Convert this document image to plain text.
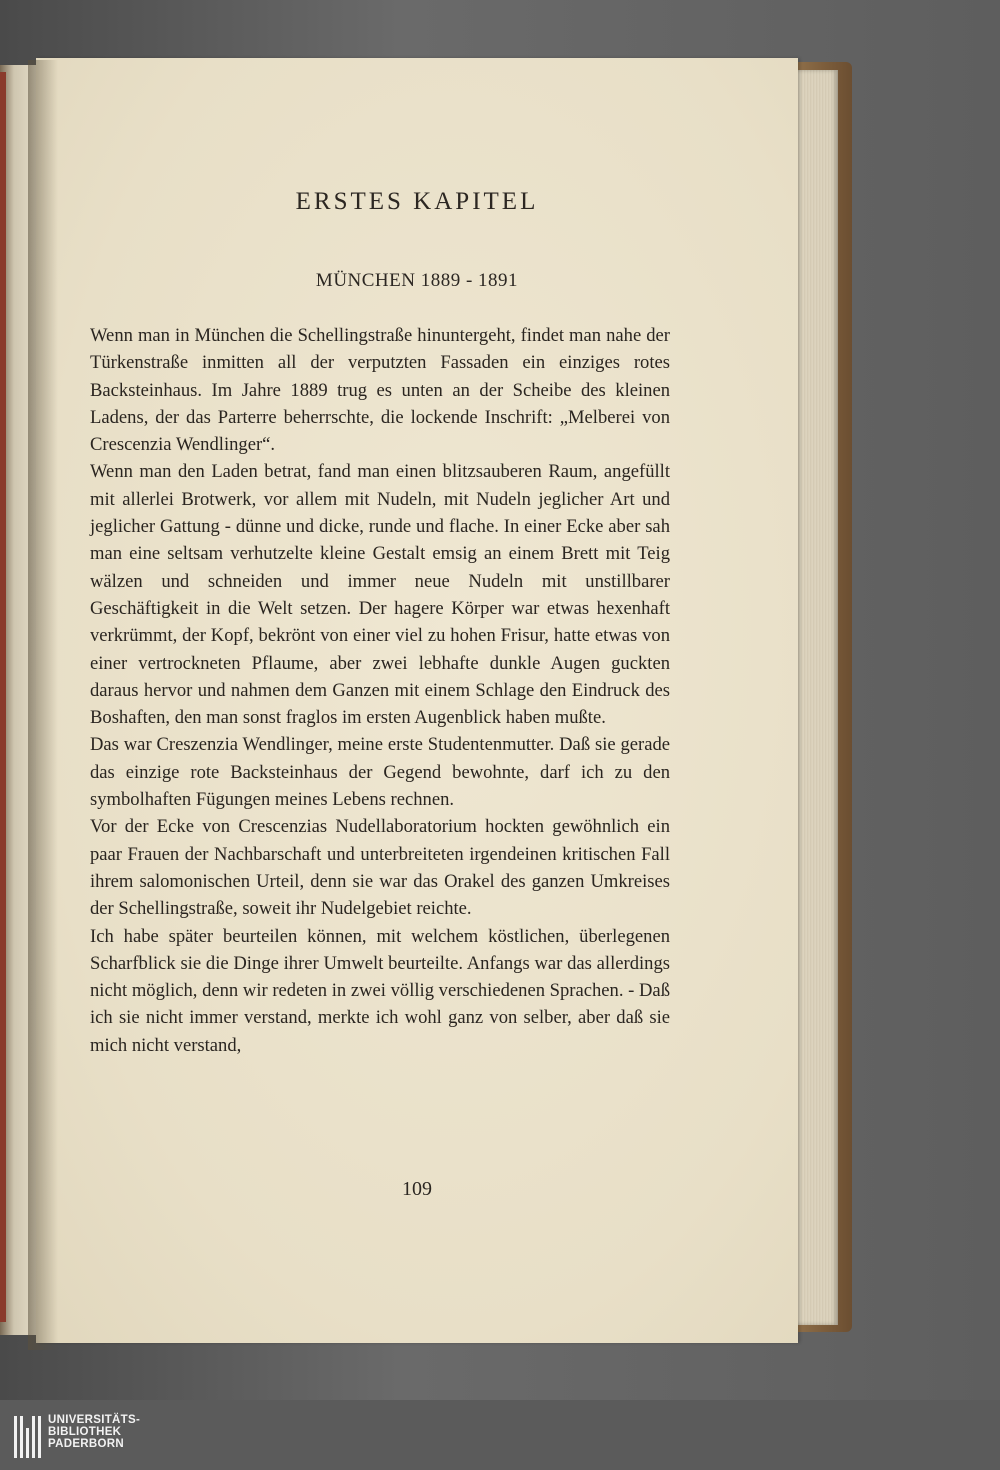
ERSTES KAPITEL
MÜNCHEN 1889 - 1891

Wenn man in München die Schellingstraße hinuntergeht, findet man nahe der Türkenstraße inmitten all der verputzten Fassaden ein einziges rotes Backsteinhaus. Im Jahre 1889 trug es unten an der Scheibe des kleinen Ladens, der das Parterre beherrschte, die lockende Inschrift: „Melberei von Crescenzia Wendlinger“.

Wenn man den Laden betrat, fand man einen blitzsauberen Raum, angefüllt mit allerlei Brotwerk, vor allem mit Nudeln, mit Nudeln jeglicher Art und jeglicher Gattung - dünne und dicke, runde und flache. In einer Ecke aber sah man eine seltsam verhutzelte kleine Gestalt emsig an einem Brett mit Teig wälzen und schneiden und immer neue Nudeln mit unstillbarer Geschäftigkeit in die Welt setzen. Der hagere Körper war etwas hexenhaft verkrümmt, der Kopf, bekrönt von einer viel zu hohen Frisur, hatte etwas von einer vertrockneten Pflaume, aber zwei lebhafte dunkle Augen guckten daraus hervor und nahmen dem Ganzen mit einem Schlage den Eindruck des Boshaften, den man sonst fraglos im ersten Augenblick haben mußte.

Das war Creszenzia Wendlinger, meine erste Studentenmutter. Daß sie gerade das einzige rote Backsteinhaus der Gegend bewohnte, darf ich zu den symbolhaften Fügungen meines Lebens rechnen.

Vor der Ecke von Crescenzias Nudellaboratorium hockten gewöhnlich ein paar Frauen der Nachbarschaft und unterbreiteten irgendeinen kritischen Fall ihrem salomonischen Urteil, denn sie war das Orakel des ganzen Umkreises der Schellingstraße, soweit ihr Nudelgebiet reichte.

Ich habe später beurteilen können, mit welchem köstlichen, überlegenen Scharfblick sie die Dinge ihrer Umwelt beurteilte. Anfangs war das allerdings nicht möglich, denn wir redeten in zwei völlig verschiedenen Sprachen. - Daß ich sie nicht immer verstand, merkte ich wohl ganz von selber, aber daß sie mich nicht verstand,

109
UNIVERSITÄTS-
BIBLIOTHEK
PADERBORN
